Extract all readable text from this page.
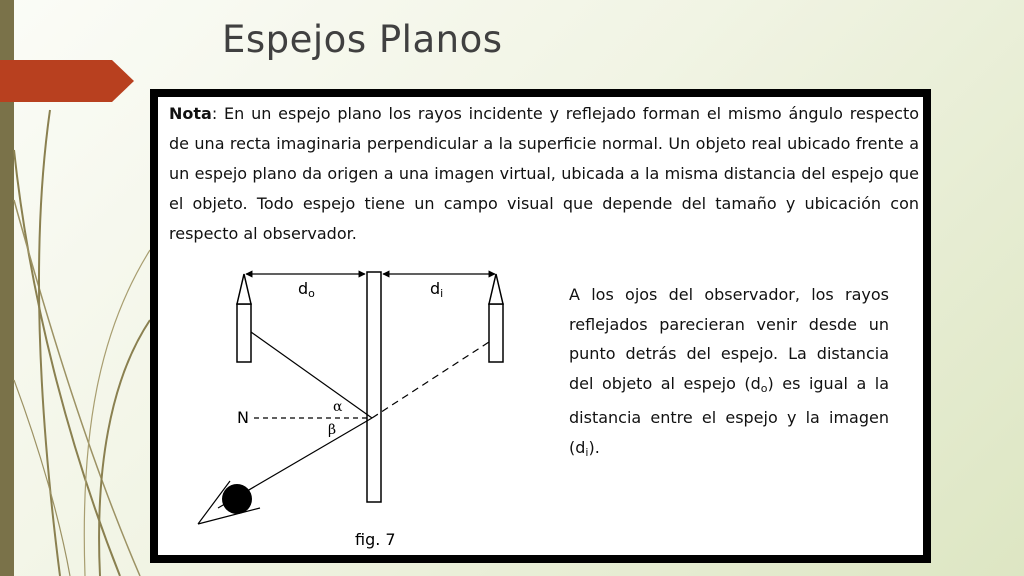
Espejos Planos

Nota: En un espejo plano los rayos incidente y reflejado forman el mismo ángulo respecto de una recta imaginaria perpendicular a la superficie normal. Un objeto real ubicado frente a un espejo plano da origen a una imagen virtual, ubicada a la misma distancia del espejo que el objeto. Todo espejo tiene un campo visual que depende del tamaño y ubicación con respecto al observador.

do	di
N
α
β
fig. 7

A los ojos del observador, los rayos reflejados parecieran venir desde un punto detrás del espejo. La distancia del objeto al espejo $(d_o)$ es igual a la distancia entre el espejo y la imagen $(d_i)$.
